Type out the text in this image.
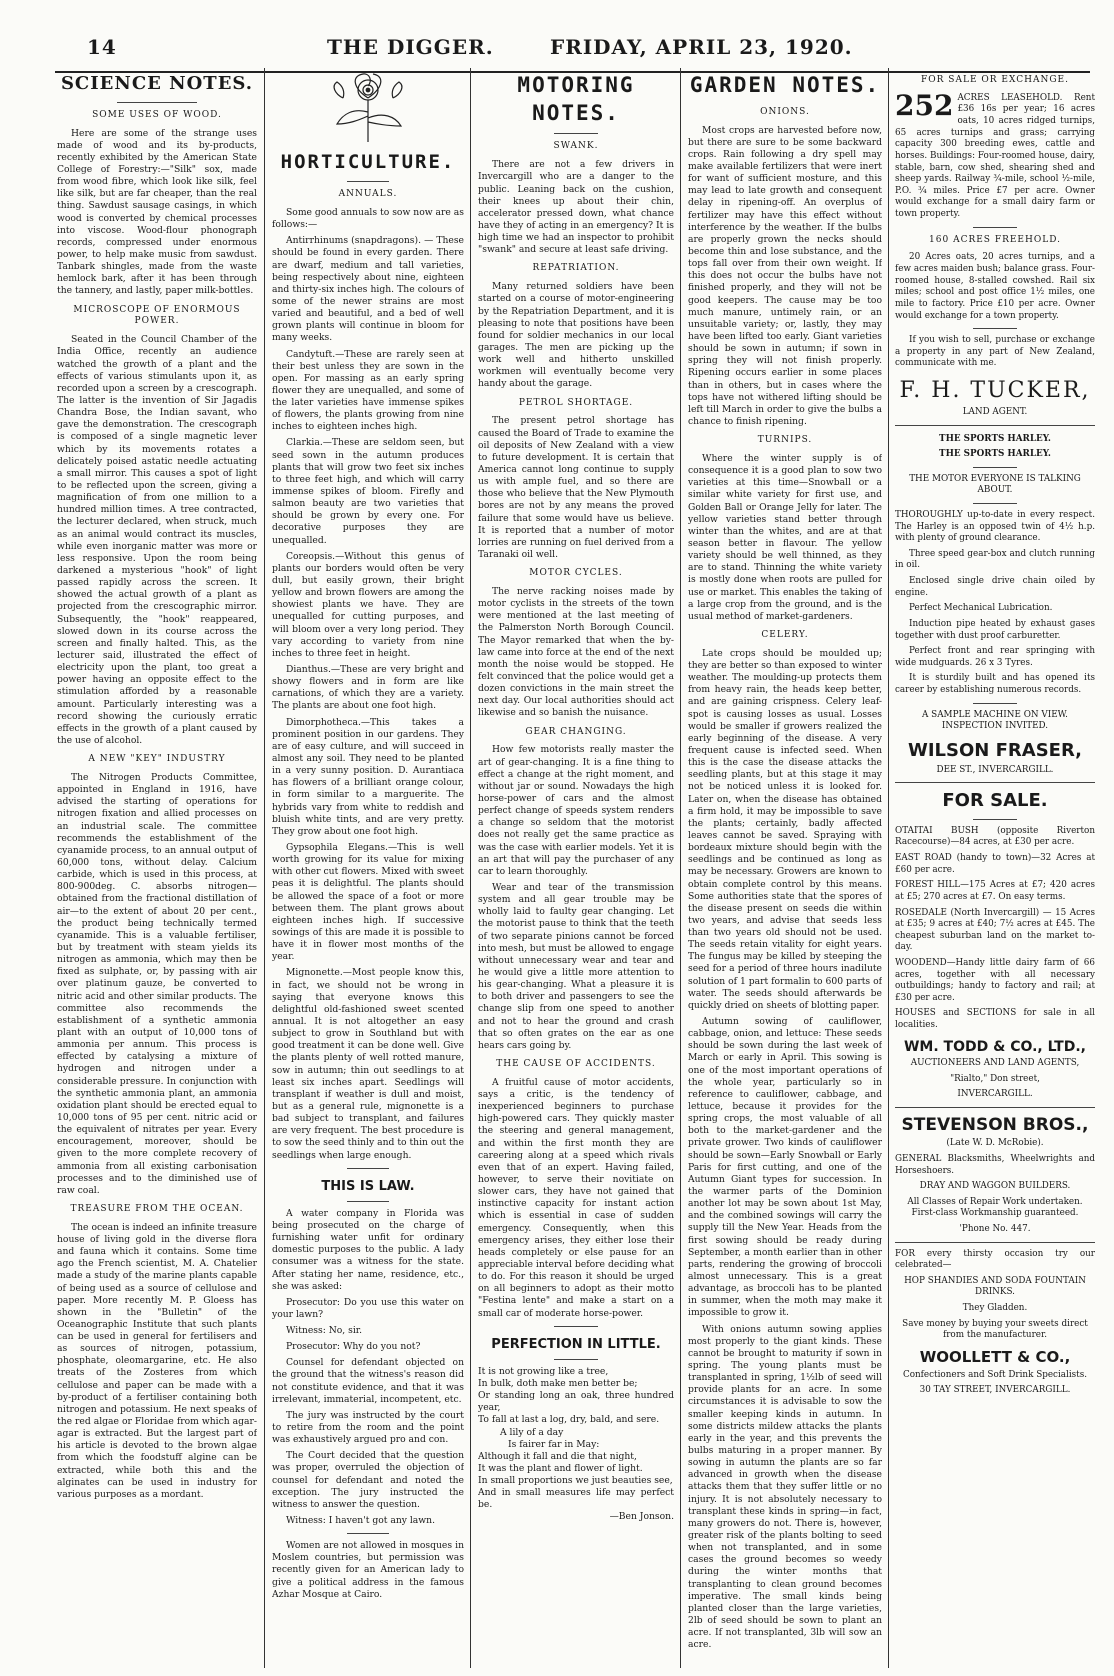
14	THE DIGGER.	FRIDAY, APRIL 23, 1920.
SCIENCE NOTES.
SOME USES OF WOOD.

Here are some of the strange uses made of wood and its by-products, recently exhibited by the American State College of Forestry:—"Silk" sox, made from wood fibre, which look like silk, feel like silk, but are far cheaper, than the real thing. Sawdust sausage casings, in which wood is converted by chemical processes into viscose. Wood-flour phonograph records, compressed under enormous power, to help make music from sawdust. Tanbark shingles, made from the waste hemlock bark, after it has been through the tannery, and lastly, paper milk-bottles.

MICROSCOPE OF ENORMOUS POWER.

Seated in the Council Chamber of the India Office, recently an audience watched the growth of a plant and the effects of various stimulants upon it, as recorded upon a screen by a crescograph. The latter is the invention of Sir Jagadis Chandra Bose, the Indian savant, who gave the demonstration. The crescograph is composed of a single magnetic lever which by its movements rotates a delicately poised astatic needle actuating a small mirror. This causes a spot of light to be reflected upon the screen, giving a magnification of from one million to a hundred million times. A tree contracted, the lecturer declared, when struck, much as an animal would contract its muscles, while even inorganic matter was more or less responsive. Upon the room being darkened a mysterious "hook" of light passed rapidly across the screen. It showed the actual growth of a plant as projected from the crescographic mirror. Subsequently, the "hook" reappeared, slowed down in its course across the screen and finally halted. This, as the lecturer said, illustrated the effect of electricity upon the plant, too great a power having an opposite effect to the stimulation afforded by a reasonable amount. Particularly interesting was a record showing the curiously erratic effects in the growth of a plant caused by the use of alcohol.

A NEW "KEY" INDUSTRY

The Nitrogen Products Committee, appointed in England in 1916, have advised the starting of operations for nitrogen fixation and allied processes on an industrial scale. The committee recommends the establishment of the cyanamide process, to an annual output of 60,000 tons, without delay. Calcium carbide, which is used in this process, at 800-900deg. C. absorbs nitrogen—obtained from the fractional distillation of air—to the extent of about 20 per cent., the product being technically termed cyanamide. This is a valuable fertiliser, but by treatment with steam yields its nitrogen as ammonia, which may then be fixed as sulphate, or, by passing with air over platinum gauze, be converted to nitric acid and other similar products. The committee also recommends the establishment of a synthetic ammonia plant with an output of 10,000 tons of ammonia per annum. This process is effected by catalysing a mixture of hydrogen and nitrogen under a considerable pressure. In conjunction with the synthetic ammonia plant, an ammonia oxidation plant should be erected equal to 10,000 tons of 95 per cent. nitric acid or the equivalent of nitrates per year. Every encouragement, moreover, should be given to the more complete recovery of ammonia from all existing carbonisation processes and to the diminished use of raw coal.

TREASURE FROM THE OCEAN.

The ocean is indeed an infinite treasure house of living gold in the diverse flora and fauna which it contains. Some time ago the French scientist, M. A. Chatelier made a study of the marine plants capable of being used as a source of cellulose and paper. More recently M. P. Gloess has shown in the "Bulletin" of the Oceanographic Institute that such plants can be used in general for fertilisers and as sources of nitrogen, potassium, phosphate, oleomargarine, etc. He also treats of the Zosteres from which cellulose and paper can be made with a by-product of a fertiliser containing both nitrogen and potassium. He next speaks of the red algae or Floridae from which agar-agar is extracted. But the largest part of his article is devoted to the brown algae from which the foodstuff algine can be extracted, while both this and the alginates can be used in industry for various purposes as a mordant.

HORTICULTURE.
ANNUALS.

Some good annuals to sow now are as follows:—

Antirrhinums (snapdragons). — These should be found in every garden. There are dwarf, medium and tall varieties, being respectively about nine, eighteen and thirty-six inches high. The colours of some of the newer strains are most varied and beautiful, and a bed of well grown plants will continue in bloom for many weeks.

Candytuft.—These are rarely seen at their best unless they are sown in the open. For massing as an early spring flower they are unequalled, and some of the later varieties have immense spikes of flowers, the plants growing from nine inches to eighteen inches high.

Clarkia.—These are seldom seen, but seed sown in the autumn produces plants that will grow two feet six inches to three feet high, and which will carry immense spikes of bloom. Firefly and salmon beauty are two varieties that should be grown by every one. For decorative purposes they are unequalled.

Coreopsis.—Without this genus of plants our borders would often be very dull, but easily grown, their bright yellow and brown flowers are among the showiest plants we have. They are unequalled for cutting purposes, and will bloom over a very long period. They vary according to variety from nine inches to three feet in height.

Dianthus.—These are very bright and showy flowers and in form are like carnations, of which they are a variety. The plants are about one foot high.

Dimorphotheca.—This takes a prominent position in our gardens. They are of easy culture, and will succeed in almost any soil. They need to be planted in a very sunny position. D. Aurantiaca has flowers of a brilliant orange colour, in form similar to a marguerite. The hybrids vary from white to reddish and bluish white tints, and are very pretty. They grow about one foot high.

Gypsophila Elegans.—This is well worth growing for its value for mixing with other cut flowers. Mixed with sweet peas it is delightful. The plants should be allowed the space of a foot or more between them. The plant grows about eighteen inches high. If successive sowings of this are made it is possible to have it in flower most months of the year.

Mignonette.—Most people know this, in fact, we should not be wrong in saying that everyone knows this delightful old-fashioned sweet scented annual. It is not altogether an easy subject to grow in Southland but with good treatment it can be done well. Give the plants plenty of well rotted manure, sow in autumn; thin out seedlings to at least six inches apart. Seedlings will transplant if weather is dull and moist, but as a general rule, mignonette is a bad subject to transplant, and failures are very frequent. The best procedure is to sow the seed thinly and to thin out the seedlings when large enough.

THIS IS LAW.

A water company in Florida was being prosecuted on the charge of furnishing water unfit for ordinary domestic purposes to the public. A lady consumer was a witness for the state. After stating her name, residence, etc., she was asked:

Prosecutor: Do you use this water on your lawn?

Witness: No, sir.

Prosecutor: Why do you not?

Counsel for defendant objected on the ground that the witness's reason did not constitute evidence, and that it was irrelevant, immaterial, incompetent, etc.

The jury was instructed by the court to retire from the room and the point was exhaustively argued pro and con.

The Court decided that the question was proper, overruled the objection of counsel for defendant and noted the exception. The jury instructed the witness to answer the question.

Witness: I haven't got any lawn.

Women are not allowed in mosques in Moslem countries, but permission was recently given for an American lady to give a political address in the famous Azhar Mosque at Cairo.

MOTORING NOTES.
SWANK.

There are not a few drivers in Invercargill who are a danger to the public. Leaning back on the cushion, their knees up about their chin, accelerator pressed down, what chance have they of acting in an emergency? It is high time we had an inspector to prohibit "swank" and secure at least safe driving.

REPATRIATION.

Many returned soldiers have been started on a course of motor-engineering by the Repatriation Department, and it is pleasing to note that positions have been found for soldier mechanics in our local garages. The men are picking up the work well and hitherto unskilled workmen will eventually become very handy about the garage.

PETROL SHORTAGE.

The present petrol shortage has caused the Board of Trade to examine the oil deposits of New Zealand with a view to future development. It is certain that America cannot long continue to supply us with ample fuel, and so there are those who believe that the New Plymouth bores are not by any means the proved failure that some would have us believe. It is reported that a number of motor lorries are running on fuel derived from a Taranaki oil well.

MOTOR CYCLES.

The nerve racking noises made by motor cyclists in the streets of the town were mentioned at the last meeting of the Palmerston North Borough Council. The Mayor remarked that when the by-law came into force at the end of the next month the noise would be stopped. He felt convinced that the police would get a dozen convictions in the main street the next day. Our local authorities should act likewise and so banish the nuisance.

GEAR CHANGING.

How few motorists really master the art of gear-changing. It is a fine thing to effect a change at the right moment, and without jar or sound. Nowadays the high horse-power of cars and the almost perfect change of speeds system renders a change so seldom that the motorist does not really get the same practice as was the case with earlier models. Yet it is an art that will pay the purchaser of any car to learn thoroughly.

Wear and tear of the transmission system and all gear trouble may be wholly laid to faulty gear changing. Let the motorist pause to think that the teeth of two separate pinions cannot be forced into mesh, but must be allowed to engage without unnecessary wear and tear and he would give a little more attention to his gear-changing. What a pleasure it is to both driver and passengers to see the change slip from one speed to another and not to hear the ground and crash that so often grates on the ear as one hears cars going by.

THE CAUSE OF ACCIDENTS.

A fruitful cause of motor accidents, says a critic, is the tendency of inexperienced beginners to purchase high-powered cars. They quickly master the steering and general management, and within the first month they are careering along at a speed which rivals even that of an expert. Having failed, however, to serve their novitiate on slower cars, they have not gained that instinctive capacity for instant action which is essential in case of sudden emergency. Consequently, when this emergency arises, they either lose their heads completely or else pause for an appreciable interval before deciding what to do. For this reason it should be urged on all beginners to adopt as their motto "Festina lente" and make a start on a small car of moderate horse-power.

PERFECTION IN LITTLE.

It is not growing like a tree,

In bulk, doth make men better be;

Or standing long an oak, three hundred year,

To fall at last a log, dry, bald, and sere.

A lily of a day

Is fairer far in May:

Although it fall and die that night,

It was the plant and flower of light.

In small proportions we just beauties see,

And in small measures life may perfect be.

—Ben Jonson.

GARDEN NOTES.
ONIONS.

Most crops are harvested before now, but there are sure to be some backward crops. Rain following a dry spell may make available fertilizers that were inert for want of sufficient mosture, and this may lead to late growth and consequent delay in ripening-off. An overplus of fertilizer may have this effect without interference by the weather. If the bulbs are properly grown the necks should become thin and lose substance, and the tops fall over from their own weight. If this does not occur the bulbs have not finished properly, and they will not be good keepers. The cause may be too much manure, untimely rain, or an unsuitable variety; or, lastly, they may have been lifted too early. Giant varieties should be sown in autumn; if sown in spring they will not finish properly. Ripening occurs earlier in some places than in others, but in cases where the tops have not withered lifting should be left till March in order to give the bulbs a chance to finish ripening.

TURNIPS.

Where the winter supply is of consequence it is a good plan to sow two varieties at this time—Snowball or a similar white variety for first use, and Golden Ball or Orange Jelly for later. The yellow varieties stand better through winter than the whites, and are at that season better in flavour. The yellow variety should be well thinned, as they are to stand. Thinning the white variety is mostly done when roots are pulled for use or market. This enables the taking of a large crop from the ground, and is the usual method of market-gardeners.

CELERY.

Late crops should be moulded up; they are better so than exposed to winter weather. The moulding-up protects them from heavy rain, the heads keep better, and are gaining crispness. Celery leaf-spot is causing losses as usual. Losses would be smaller if growers realized the early beginning of the disease. A very frequent cause is infected seed. When this is the case the disease attacks the seedling plants, but at this stage it may not be noticed unless it is looked for. Later on, when the disease has obtained a firm hold, it may be impossible to save the plants; certainly, badly affected leaves cannot be saved. Spraying with bordeaux mixture should begin with the seedlings and be continued as long as may be necessary. Growers are known to obtain complete control by this means. Some authorities state that the spores of the disease present on seeds die within two years, and advise that seeds less than two years old should not be used. The seeds retain vitality for eight years. The fungus may be killed by steeping the seed for a period of three hours inadilute solution of 1 part formalin to 600 parts of water. The seeds should afterwards be quickly dried on sheets of blotting paper.

Autumn sowing of cauliflower, cabbage, onion, and lettuce: These seeds should be sown during the last week of March or early in April. This sowing is one of the most important operations of the whole year, particularly so in reference to cauliflower, cabbage, and lettuce, because it provides for the spring crops, the most valuable of all both to the market-gardener and the private grower. Two kinds of cauliflower should be sown—Early Snowball or Early Paris for first cutting, and one of the Autumn Giant types for succession. In the warmer parts of the Dominion another lot may be sown about 1st May, and the combined sowings will carry the supply till the New Year. Heads from the first sowing should be ready during September, a month earlier than in other parts, rendering the growing of broccoli almost unnecessary. This is a great advantage, as broccoli has to be planted in summer, when the moth may make it impossible to grow it.

With onions autumn sowing applies most properly to the giant kinds. These cannot be brought to maturity if sown in spring. The young plants must be transplanted in spring, 1½lb of seed will provide plants for an acre. In some circumstances it is advisable to sow the smaller keeping kinds in autumn. In some districts mildew attacks the plants early in the year, and this prevents the bulbs maturing in a proper manner. By sowing in autumn the plants are so far advanced in growth when the disease attacks them that they suffer little or no injury. It is not absolutely necessary to transplant these kinds in spring—in fact, many growers do not. There is, however, greater risk of the plants bolting to seed when not transplanted, and in some cases the ground becomes so weedy during the winter months that transplanting to clean ground becomes imperative. The small kinds being planted closer than the large varieties, 2lb of seed should be sown to plant an acre. If not transplanted, 3lb will sow an acre.

FOR SALE OR EXCHANGE.

252 ACRES LEASEHOLD. Rent £36 16s per year; 16 acres oats, 10 acres ridged turnips, 65 acres turnips and grass; carrying capacity 300 breeding ewes, cattle and horses. Buildings: Four-roomed house, dairy, stable, barn, cow shed, shearing shed and sheep yards. Railway ¾-mile, school ½-mile, P.O. ¾ miles. Price £7 per acre. Owner would exchange for a small dairy farm or town property.

160 ACRES FREEHOLD.

20 Acres oats, 20 acres turnips, and a few acres maiden bush; balance grass. Four-roomed house, 8-stalled cowshed. Rail six miles; school and post office 1½ miles, one mile to factory. Price £10 per acre. Owner would exchange for a town property.

If you wish to sell, purchase or exchange a property in any part of New Zealand, communicate with me.

F. H. TUCKER,

LAND AGENT.

THE SPORTS HARLEY.

THE SPORTS HARLEY.

THE MOTOR EVERYONE IS TALKING ABOUT.

THOROUGHLY up-to-date in every respect. The Harley is an opposed twin of 4½ h.p. with plenty of ground clearance.

Three speed gear-box and clutch running in oil.

Enclosed single drive chain oiled by engine.

Perfect Mechanical Lubrication.

Induction pipe heated by exhaust gases together with dust proof carburetter.

Perfect front and rear springing with wide mudguards. 26 x 3 Tyres.

It is sturdily built and has opened its career by establishing numerous records.

A SAMPLE MACHINE ON VIEW. INSPECTION INVITED.

WILSON FRASER,

DEE ST., INVERCARGILL.

FOR SALE.

OTAITAI BUSH (opposite Riverton Racecourse)—84 acres, at £30 per acre.

EAST ROAD (handy to town)—32 Acres at £60 per acre.

FOREST HILL—175 Acres at £7; 420 acres at £5; 270 acres at £7. On easy terms.

ROSEDALE (North Invercargill) — 15 Acres at £35; 9 acres at £40; 7½ acres at £45. The cheapest suburban land on the market to-day.

WOODEND—Handy little dairy farm of 66 acres, together with all necessary outbuildings; handy to factory and rail; at £30 per acre.

HOUSES and SECTIONS for sale in all localities.

WM. TODD & CO., LTD.,

AUCTIONEERS AND LAND AGENTS,

"Rialto," Don street,

INVERCARGILL.

STEVENSON BROS.,

(Late W. D. McRobie).

GENERAL Blacksmiths, Wheelwrights and Horseshoers.

DRAY AND WAGGON BUILDERS.

All Classes of Repair Work undertaken. First-class Workmanship guaranteed.

'Phone No. 447.

FOR every thirsty occasion try our celebrated—

HOP SHANDIES AND SODA FOUNTAIN DRINKS.

They Gladden.

Save money by buying your sweets direct from the manufacturer.

WOOLLETT & CO.,

Confectioners and Soft Drink Specialists.

30 TAY STREET, INVERCARGILL.
